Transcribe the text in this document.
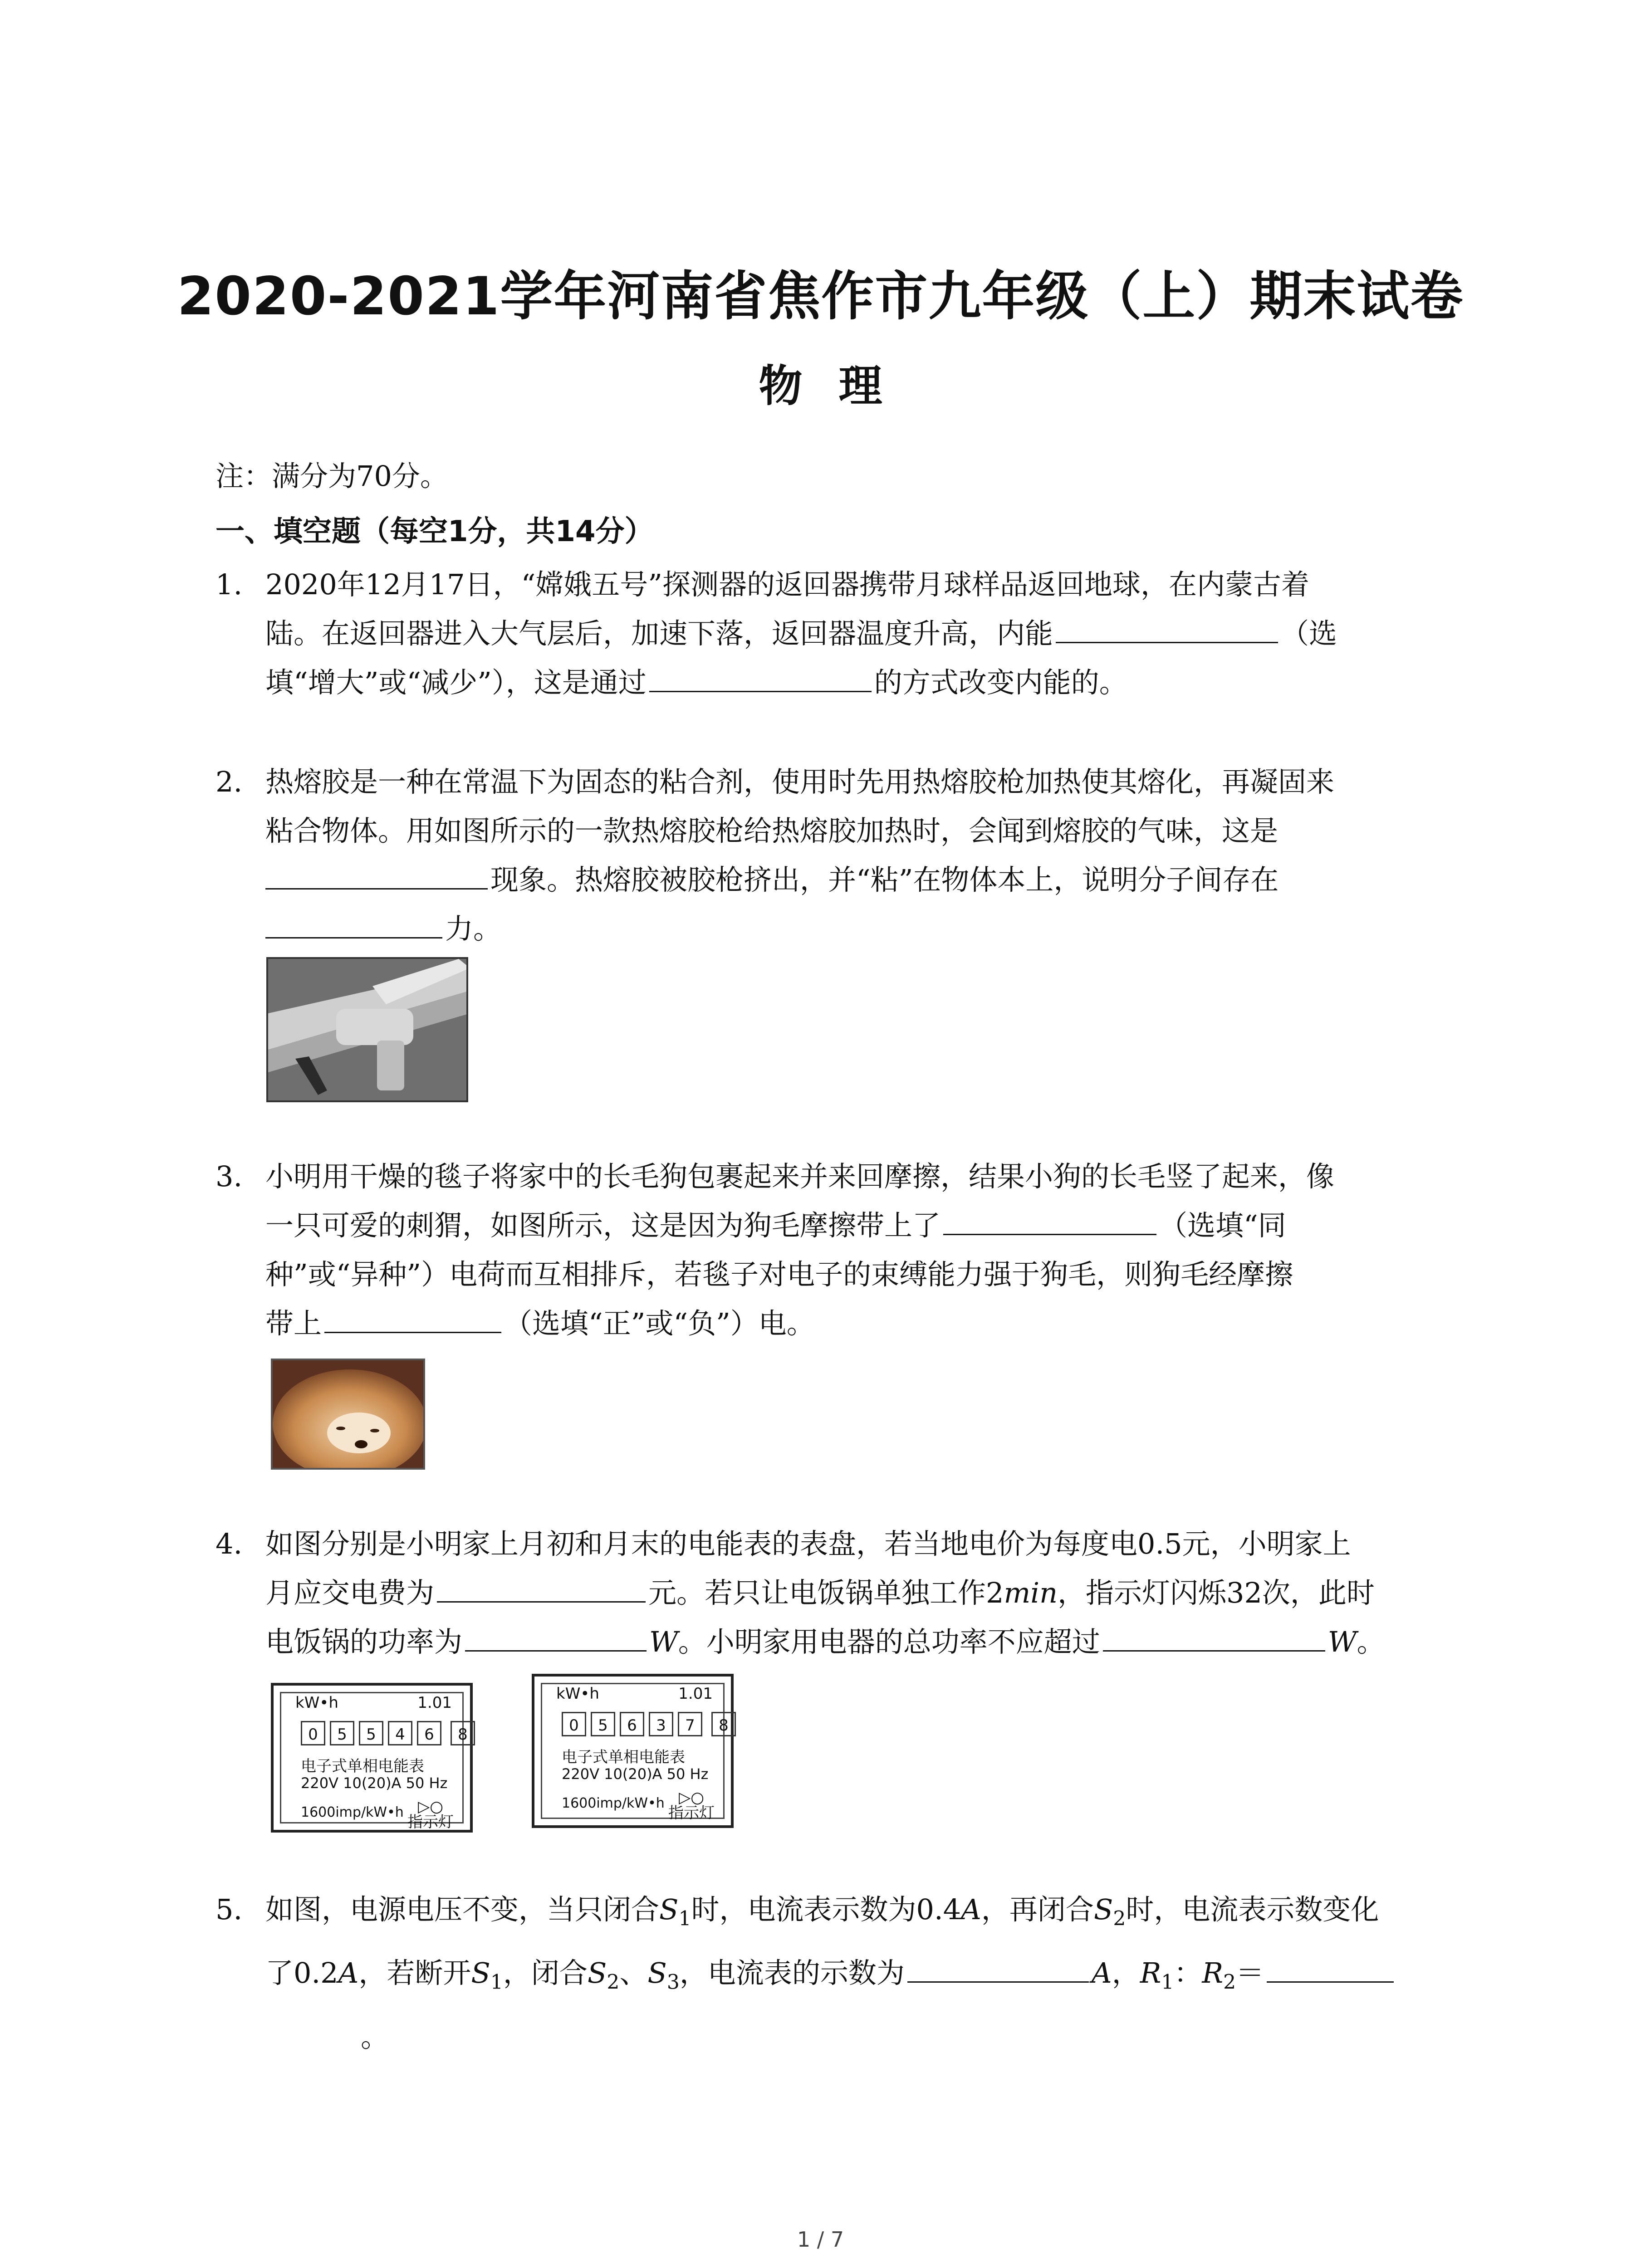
2020-2021学年河南省焦作市九年级（上）期末试卷
物理
注：满分为70分。
一、填空题（每空1分，共14分）
1. 2020年12月17日，“嫦娥五号”探测器的返回器携带月球样品返回地球，在内蒙古着
陆。在返回器进入大气层后，加速下落，返回器温度升高，内能	（选
填“增大”或“减少”），这是通过	的方式改变内能的。
2. 热熔胶是一种在常温下为固态的粘合剂，使用时先用热熔胶枪加热使其熔化，再凝固来
粘合物体。用如图所示的一款热熔胶枪给热熔胶加热时，会闻到熔胶的气味，这是
现象。热熔胶被胶枪挤出，并“粘”在物体本上，说明分子间存在
力。
3. 小明用干燥的毯子将家中的长毛狗包裹起来并来回摩擦，结果小狗的长毛竖了起来，像
一只可爱的刺猬，如图所示，这是因为狗毛摩擦带上了	（选填“同
种”或“异种”）电荷而互相排斥，若毯子对电子的束缚能力强于狗毛，则狗毛经摩擦
带上	（选填“正”或“负”）电。
4. 如图分别是小明家上月初和月末的电能表的表盘，若当地电价为每度电0.5元，小明家上
月应交电费为	元。若只让电饭锅单独工作2min，指示灯闪烁32次，此时
电饭锅的功率为	W。小明家用电器的总功率不应超过	W。
kW•h	1.01
0	5	5	4	6	8
电子式单相电能表
220V 10(20)A 50 Hz
1600imp/kW•h ▷○
指示灯
kW•h	1.01
0	5	6	3	7	8
电子式单相电能表
220V 10(20)A 50 Hz
1600imp/kW•h ▷○
指示灯
5. 如图，电源电压不变，当只闭合$S_1$时，电流表示数为0.4A，再闭合$S_2$时，电流表示数变化
了0.2A，若断开$S_1$，闭合$S_2$、$S_3$，电流表的示数为	A，$R_1$：$R_2=$
。
1 / 7
